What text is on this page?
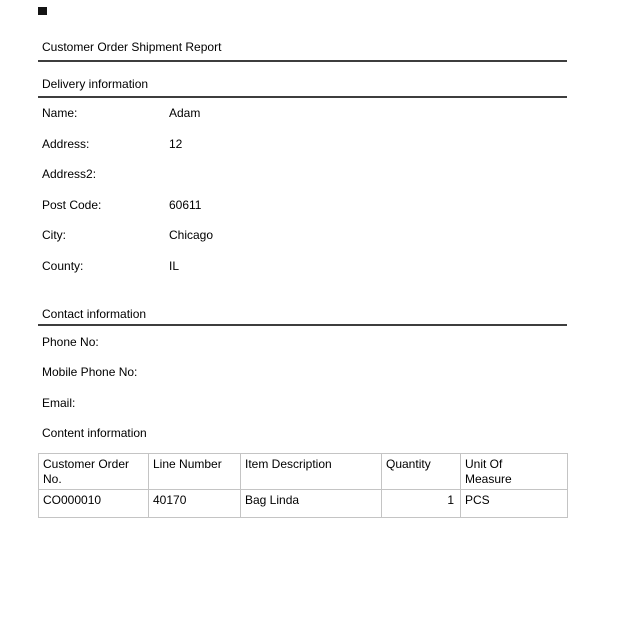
Customer Order Shipment Report
Delivery information
Name:	Adam
Address:	12
Address2:
Post Code:	60611
City:	Chicago
County:	IL
Contact information
Phone No:
Mobile Phone No:
Email:
Content information
Customer Order No.	Line Number	Item Description	Quantity	Unit Of Measure
CO000010	40170	Bag Linda	1	PCS
